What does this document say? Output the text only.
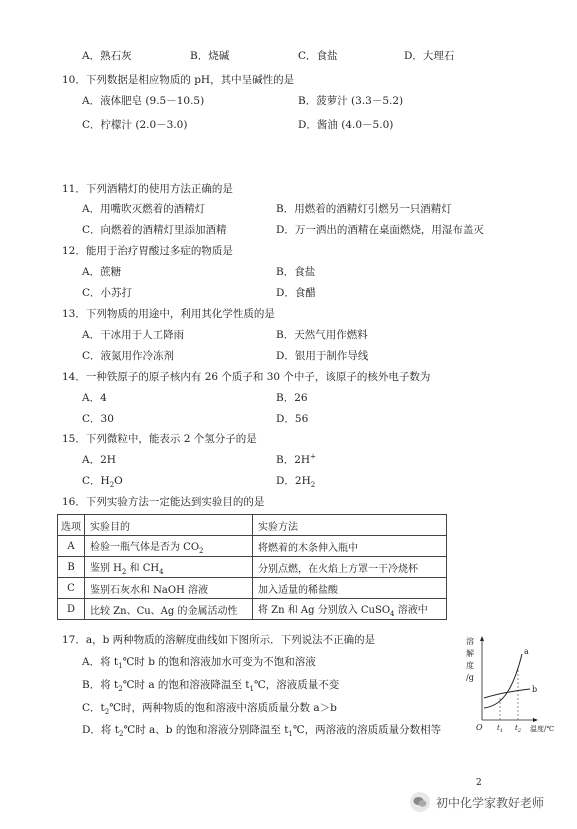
A．熟石灰	B．烧碱	C．食盐	D．大理石
10．下列数据是相应物质的 pH，其中呈碱性的是
A．液体肥皂 (9.5－10.5)	B．菠萝汁 (3.3－5.2)
C．柠檬汁 (2.0－3.0)	D．酱油 (4.0－5.0)
11．下列酒精灯的使用方法正确的是
A．用嘴吹灭燃着的酒精灯	B．用燃着的酒精灯引燃另一只酒精灯
C．向燃着的酒精灯里添加酒精	D．万一洒出的酒精在桌面燃烧，用湿布盖灭
12．能用于治疗胃酸过多症的物质是
A．蔗糖	B．食盐
C．小苏打	D．食醋
13．下列物质的用途中，利用其化学性质的是
A．干冰用于人工降雨	B．天然气用作燃料
C．液氮用作冷冻剂	D．银用于制作导线
14．一种铁原子的原子核内有 26 个质子和 30 个中子，该原子的核外电子数为
A．4	B．26
C．30	D．56
15．下列微粒中，能表示 2 个氢分子的是
A．2H	B．2H+
C．$H_2O$	D．$2H_2$
16．下列实验方法一定能达到实验目的的是
选项	实验目的	实验方法
A	检验一瓶气体是否为 $CO_2$	将燃着的木条伸入瓶中
B	鉴别 $H_2$ 和 $CH_4$	分别点燃，在火焰上方罩一干冷烧杯
C	鉴别石灰水和 NaOH 溶液	加入适量的稀盐酸
D	比较 Zn、Cu、Ag 的金属活动性	将 Zn 和 Ag 分别放入 CuSO$_4$ 溶液中
17．a，b 两种物质的溶解度曲线如下图所示．下列说法不正确的是
A．将 $t_1℃$时 b 的饱和溶液加水可变为不饱和溶液
B．将 $t_2℃$时 a 的饱和溶液降温至 $t_1℃$，溶液质量不变
C．$t_2℃$时，两种物质的饱和溶液中溶质质量分数 a＞b
D．将 $t_2℃$时 a、b 的饱和溶液分别降温至 $t_1℃$，两溶液的溶质质量分数相等
溶
解
度
/g
a
b
O $t_1$ $t_2$ 温度/℃
2
初中化学家教好老师
